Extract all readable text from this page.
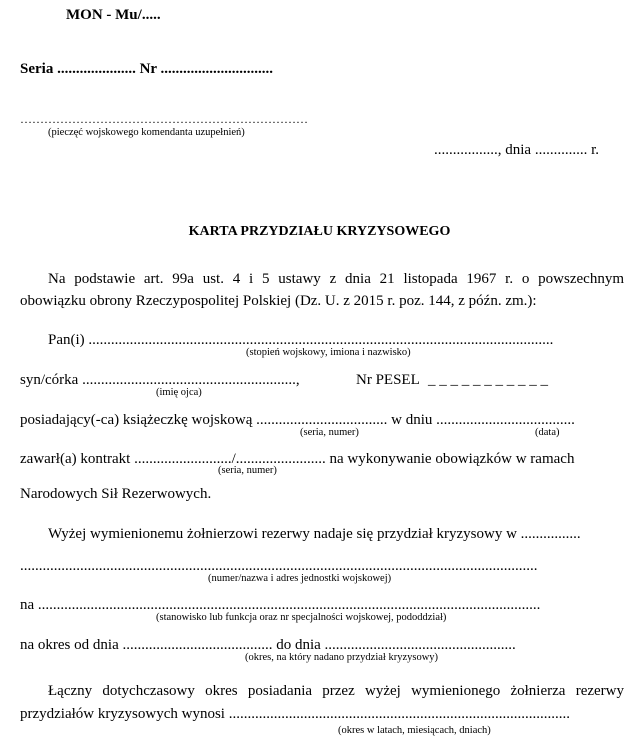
MON - Mu/.....
Seria ..................... Nr ..............................
………………………………………………………………
(pieczęć wojskowego komendanta uzupełnień)
................., dnia .............. r.
KARTA PRZYDZIAŁU KRYZYSOWEGO
Na podstawie art. 99a ust. 4 i 5 ustawy z dnia 21 listopada 1967 r. o powszechnym
obowiązku obrony Rzeczypospolitej Polskiej (Dz. U. z 2015 r. poz. 144, z późn. zm.):
Pan(i) ............................................................................................................................
(stopień wojskowy, imiona i nazwisko)
syn/córka .........................................................,
(imię ojca)
Nr PESEL _ _ _ _ _ _ _ _ _ _ _
posiadający(-ca) książeczkę wojskową ................................... w dniu .....................................
(seria, numer)	(data)
zawarł(a) kontrakt ........................../........................ na wykonywanie obowiązków w ramach
(seria, numer)
Narodowych Sił Rezerwowych.
Wyżej wymienionemu żołnierzowi rezerwy nadaje się przydział kryzysowy w ................
..........................................................................................................................................
(numer/nazwa i adres jednostki wojskowej)
na ......................................................................................................................................
(stanowisko lub funkcja oraz nr specjalności wojskowej, pododdział)
na okres od dnia ........................................ do dnia ...................................................
(okres, na który nadano przydział kryzysowy)
Łączny dotychczasowy okres posiadania przez wyżej wymienionego żołnierza rezerwy
przydziałów kryzysowych wynosi ...........................................................................................
(okres w latach, miesiącach, dniach)
